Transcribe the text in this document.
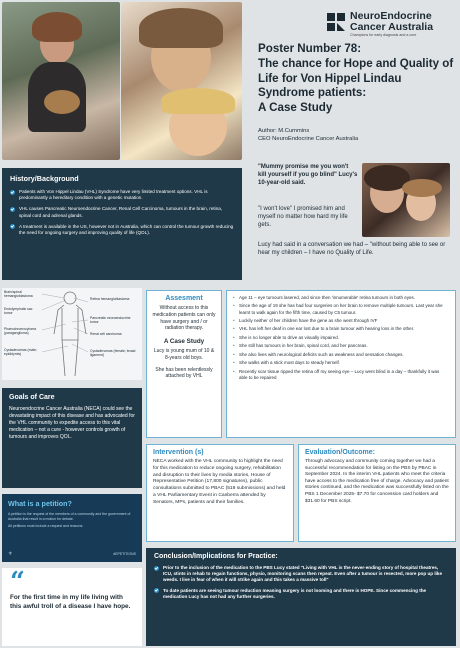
NeuroEndocrine
Cancer Australia
Champions for early diagnosis and a cure
Poster Number 78:
The chance for Hope and Quality of Life for Von Hippel Lindau Syndrome patients:
A Case Study
Author: M.Cummins
CEO NeuroEndocrine Cancer Australia
"Mummy promise me you won't kill yourself if you go blind" Lucy's 10-year-old said.
"I won't love" I promised him and myself no matter how hard my life gets.
Lucy had said in a conversation we had – "without being able to see or hear my children – I have no Quality of Life.
History/Background
Patients with Von Hippel Lindau (VHL) Syndrome have very limited treatment options. VHL is predominantly a hereditary condition with a genetic mutation.
VHL causes Pancreatic Neuroendocrine Cancer, Renal Cell Carcinoma, tumours in the brain, retina, spinal cord and adrenal glands.
A treatment is available in the US, however not in Australia, which can control the tumour growth reducing the need for ongoing surgery and improving quality of life (QOL).
Brain/spinal hemangioblastoma
Endolymphatic sac tumor
Phaeochromocytoma (paraganglioma)
Cystadenomas (male; epididymis)
Retina hemangioblastoma
Pancreatic neuroendocrine tumor
Renal cell carcinoma
Cystadenomas (female; broad ligament)
Assesment
Without access to this medication patients can only have surgery and / or radiation therapy.
A Case Study
Lucy is young mum of 10 & 8-years old boys.
She has been relentlessly attached by VHL
• Age 11 – eye tumours lasered, and since then 'innumerable' retina tumours in both eyes.
• Since the age of 19 she has had four surgeries on her brain to remove multiple tumours. Last year she learnt to walk again for the fifth time, caused by C5 tumour.
• Luckily neither of her children have the gene as she went through IVF
• VHL has left her deaf in one ear lost due to a brain tumour with hearing loss in the other.
• She is no longer able to drive as visually impaired.
• She still has tumours in her brain, spinal cord, and her pancreas.
• She also lives with neurological deficits such as weakness and sensation changes.
• She walks with a stick most days to steady herself.
• Recently scar tissue ripped the retina off my seeing eye – Lucy went blind in a day – thankfully it was able to be repaired
Goals of Care
Neuroendocrine Cancer Australia (NECA) could see the devastating impact of this disease and has advocated for the VHL community to expedite access to this vital medication – not a cure - however controls growth of tumours and improves QOL.
What is a petition?
A petition is the request of the members of a community and the government of Australia that result in a motion for debate.
All petitions must include a request and reasons.
⚜	#EPETITIONS
Intervention (s)
NECA worked with the VHL community to highlight the need for this medication to reduce ongoing surgery, rehabilitation and disruption to their lives by media stories, House of Representative Petition (17,800 signatures), public consultations submitted to PBAC (519 submissions) and held a VHL Parliamentary Event in Canberra attended by Senators, MPs, patients and their families.
Evaluation/Outcome:
Through advocacy and community coming together we had a successful recommendation for listing on the PBS by PBAC in September 2024. In the interim VHL patients who meet the criteria have access to the medication free of charge. Advocacy and patient stories continued, and the medication was successfully listed on the PBS 1 December 2025- $7.70 for concession card holders and $31.60 for PBS script.
“
For the first time in my life living with this awful troll of a disease I have hope.
Conclusion/Implications for Practice:
Prior to the inclusion of the medication to the PBS Lucy stated "Living with VHL is the never-ending story of hospital theatres, ICU, stints in rehab to regain functions, physio, monitoring scans then repeat. Even after a tumour is resected, more pop up like weeds. I live in fear of when it will strike again and this takes a massive toll"
To date patients are seeing tumour reduction meaning surgery is not looming and there is HOPE. Since commencing the medication Lucy has not had any further surgeries.
